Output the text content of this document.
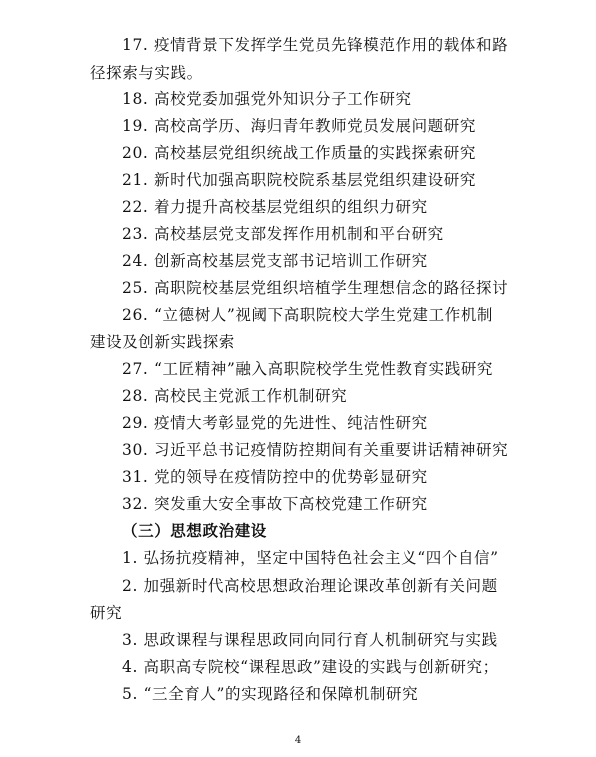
17. 疫情背景下发挥学生党员先锋模范作用的载体和路
径探索与实践。
18. 高校党委加强党外知识分子工作研究
19. 高校高学历、海归青年教师党员发展问题研究
20. 高校基层党组织统战工作质量的实践探索研究
21. 新时代加强高职院校院系基层党组织建设研究
22. 着力提升高校基层党组织的组织力研究
23. 高校基层党支部发挥作用机制和平台研究
24. 创新高校基层党支部书记培训工作研究
25. 高职院校基层党组织培植学生理想信念的路径探讨
26. “立德树人”视阈下高职院校大学生党建工作机制
建设及创新实践探索
27. “工匠精神”融入高职院校学生党性教育实践研究
28. 高校民主党派工作机制研究
29. 疫情大考彰显党的先进性、纯洁性研究
30. 习近平总书记疫情防控期间有关重要讲话精神研究
31. 党的领导在疫情防控中的优势彰显研究
32. 突发重大安全事故下高校党建工作研究
（三）思想政治建设
1. 弘扬抗疫精神，坚定中国特色社会主义“四个自信”
2. 加强新时代高校思想政治理论课改革创新有关问题
研究
3. 思政课程与课程思政同向同行育人机制研究与实践
4. 高职高专院校“课程思政”建设的实践与创新研究；
5. “三全育人”的实现路径和保障机制研究
4
